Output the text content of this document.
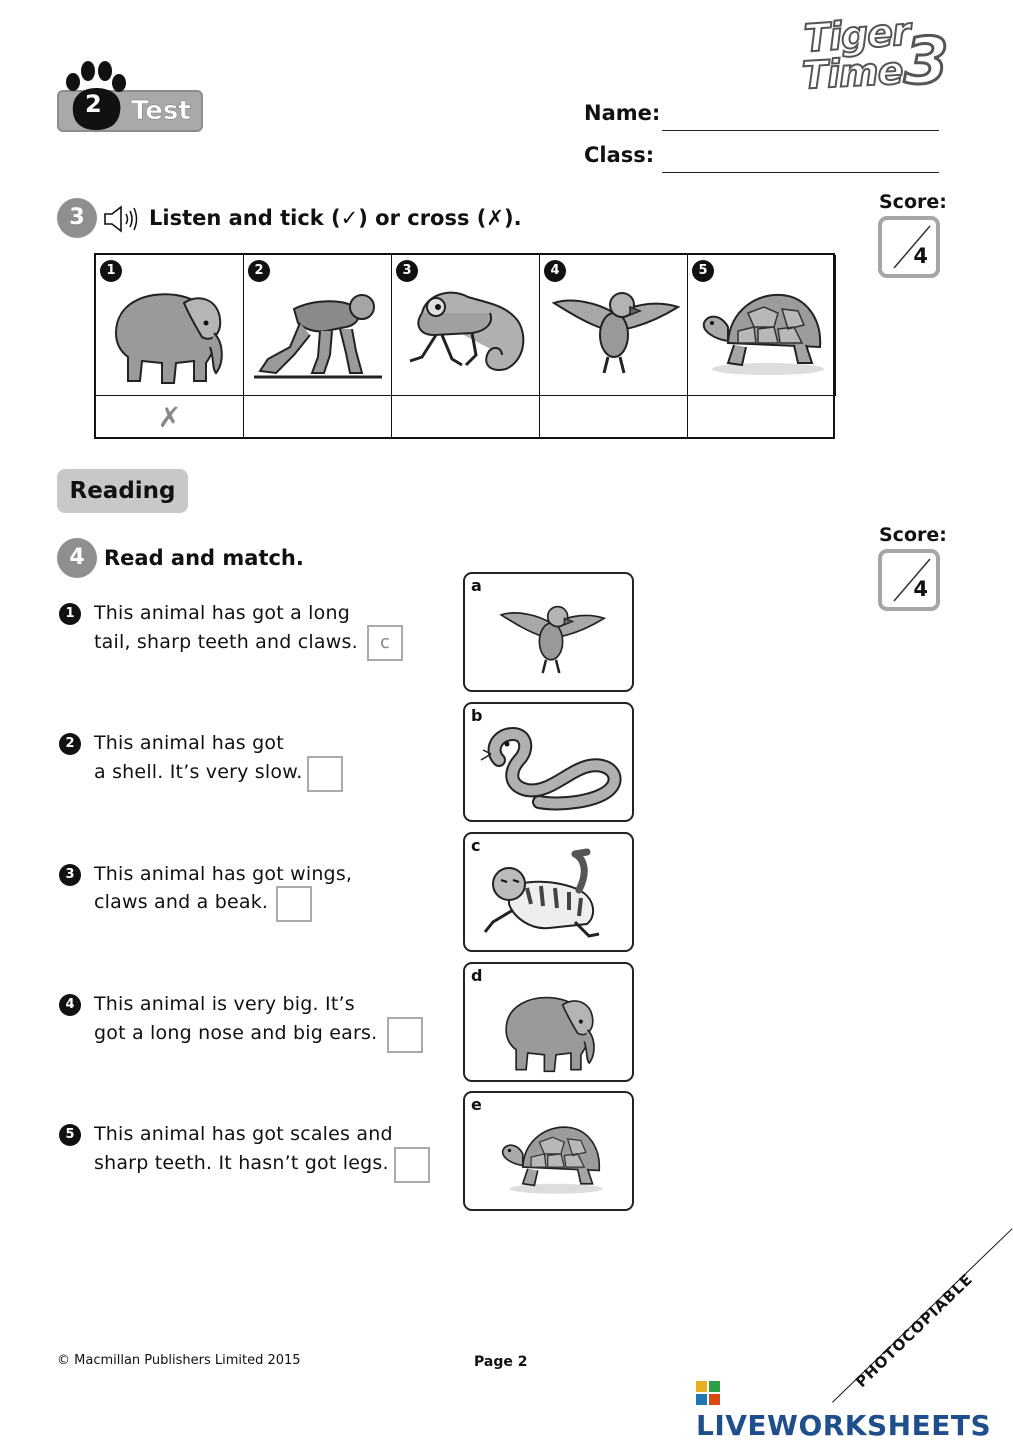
Tiger
Time 3
2 Test	Name:
Class:
Score:
4
3	Listen and tick (✓) or cross (✗).
1	2	3	4	5
✗
Reading
Score:
4
4 Read and match.
1	This animal has got a long
tail, sharp teeth and claws.	c
2	This animal has got
a shell. It’s very slow.
3	This animal has got wings,
claws and a beak.
4	This animal is very big. It’s
got a long nose and big ears.
5	This animal has got scales and
sharp teeth. It hasn’t got legs.
a
b
c
d
e
© Macmillan Publishers Limited 2015	Page 2	PHOTOCOPIABLE
LIVEWORKSHEETS
